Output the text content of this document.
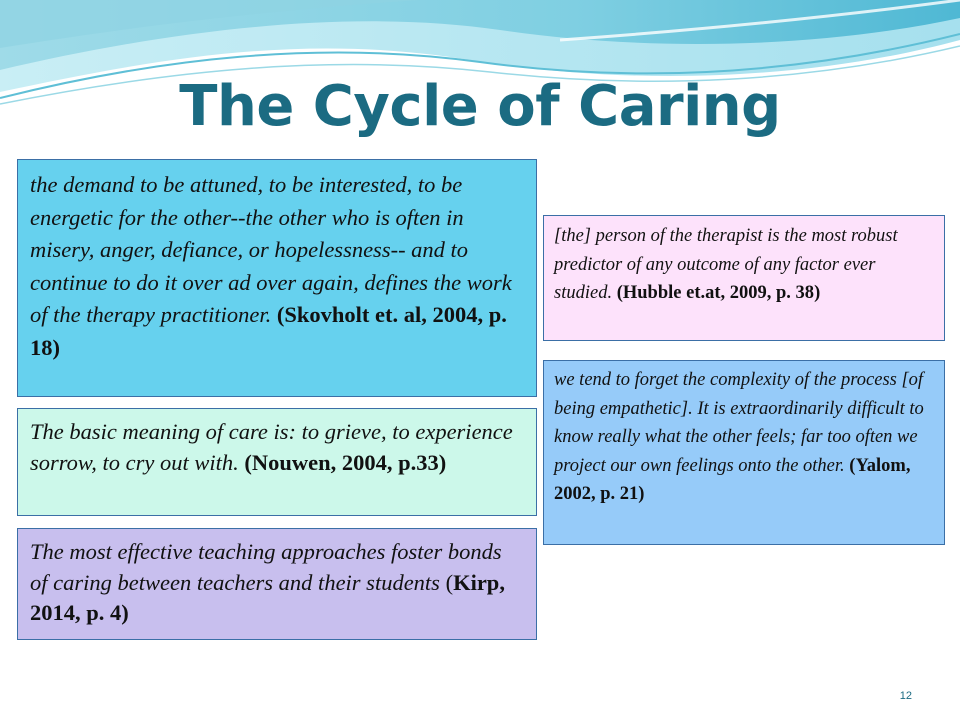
The Cycle of Caring
the demand to be attuned, to be interested, to be energetic for the other--the other who is often in misery, anger, defiance, or hopelessness-- and to continue to do it over ad over again, defines the work of the therapy practitioner. (Skovholt et. al, 2004, p. 18)
The basic meaning of care is: to grieve, to experience sorrow, to cry out with. (Nouwen, 2004, p.33)
The most effective teaching approaches foster bonds of caring between teachers and their students (Kirp, 2014, p. 4)
[the] person of the therapist is the most robust predictor of any outcome of any factor ever studied. (Hubble et.at, 2009, p. 38)
we tend to forget the complexity of the process [of being empathetic]. It is extraordinarily difficult to know really what the other feels; far too often we project our own feelings onto the other. (Yalom, 2002, p. 21)
12
